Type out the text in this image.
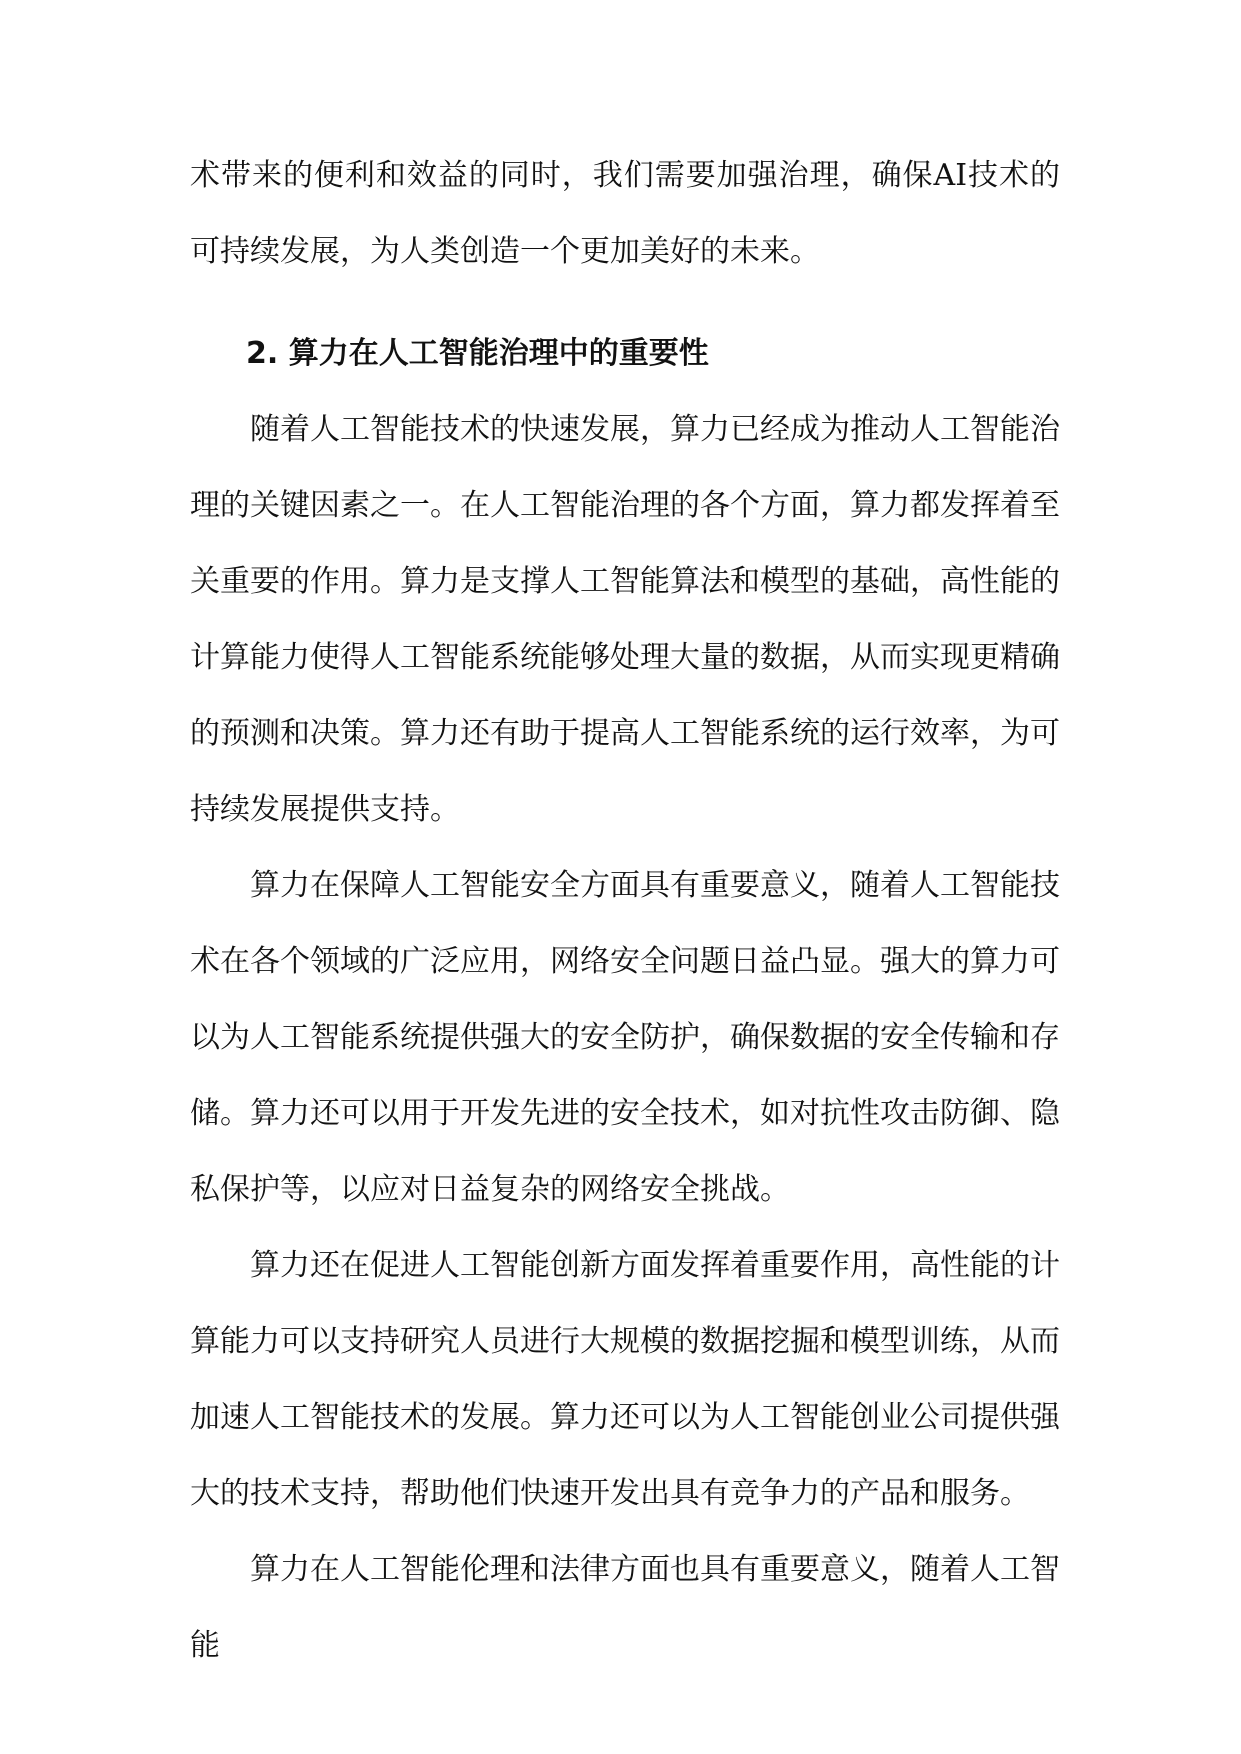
术带来的便利和效益的同时，我们需要加强治理，确保AI技术的可持续发展，为人类创造一个更加美好的未来。

2. 算力在人工智能治理中的重要性

随着人工智能技术的快速发展，算力已经成为推动人工智能治理的关键因素之一。在人工智能治理的各个方面，算力都发挥着至关重要的作用。算力是支撑人工智能算法和模型的基础，高性能的计算能力使得人工智能系统能够处理大量的数据，从而实现更精确的预测和决策。算力还有助于提高人工智能系统的运行效率，为可持续发展提供支持。

算力在保障人工智能安全方面具有重要意义，随着人工智能技术在各个领域的广泛应用，网络安全问题日益凸显。强大的算力可以为人工智能系统提供强大的安全防护，确保数据的安全传输和存储。算力还可以用于开发先进的安全技术，如对抗性攻击防御、隐私保护等，以应对日益复杂的网络安全挑战。

算力还在促进人工智能创新方面发挥着重要作用，高性能的计算能力可以支持研究人员进行大规模的数据挖掘和模型训练，从而加速人工智能技术的发展。算力还可以为人工智能创业公司提供强大的技术支持，帮助他们快速开发出具有竞争力的产品和服务。

算力在人工智能伦理和法律方面也具有重要意义，随着人工智能
